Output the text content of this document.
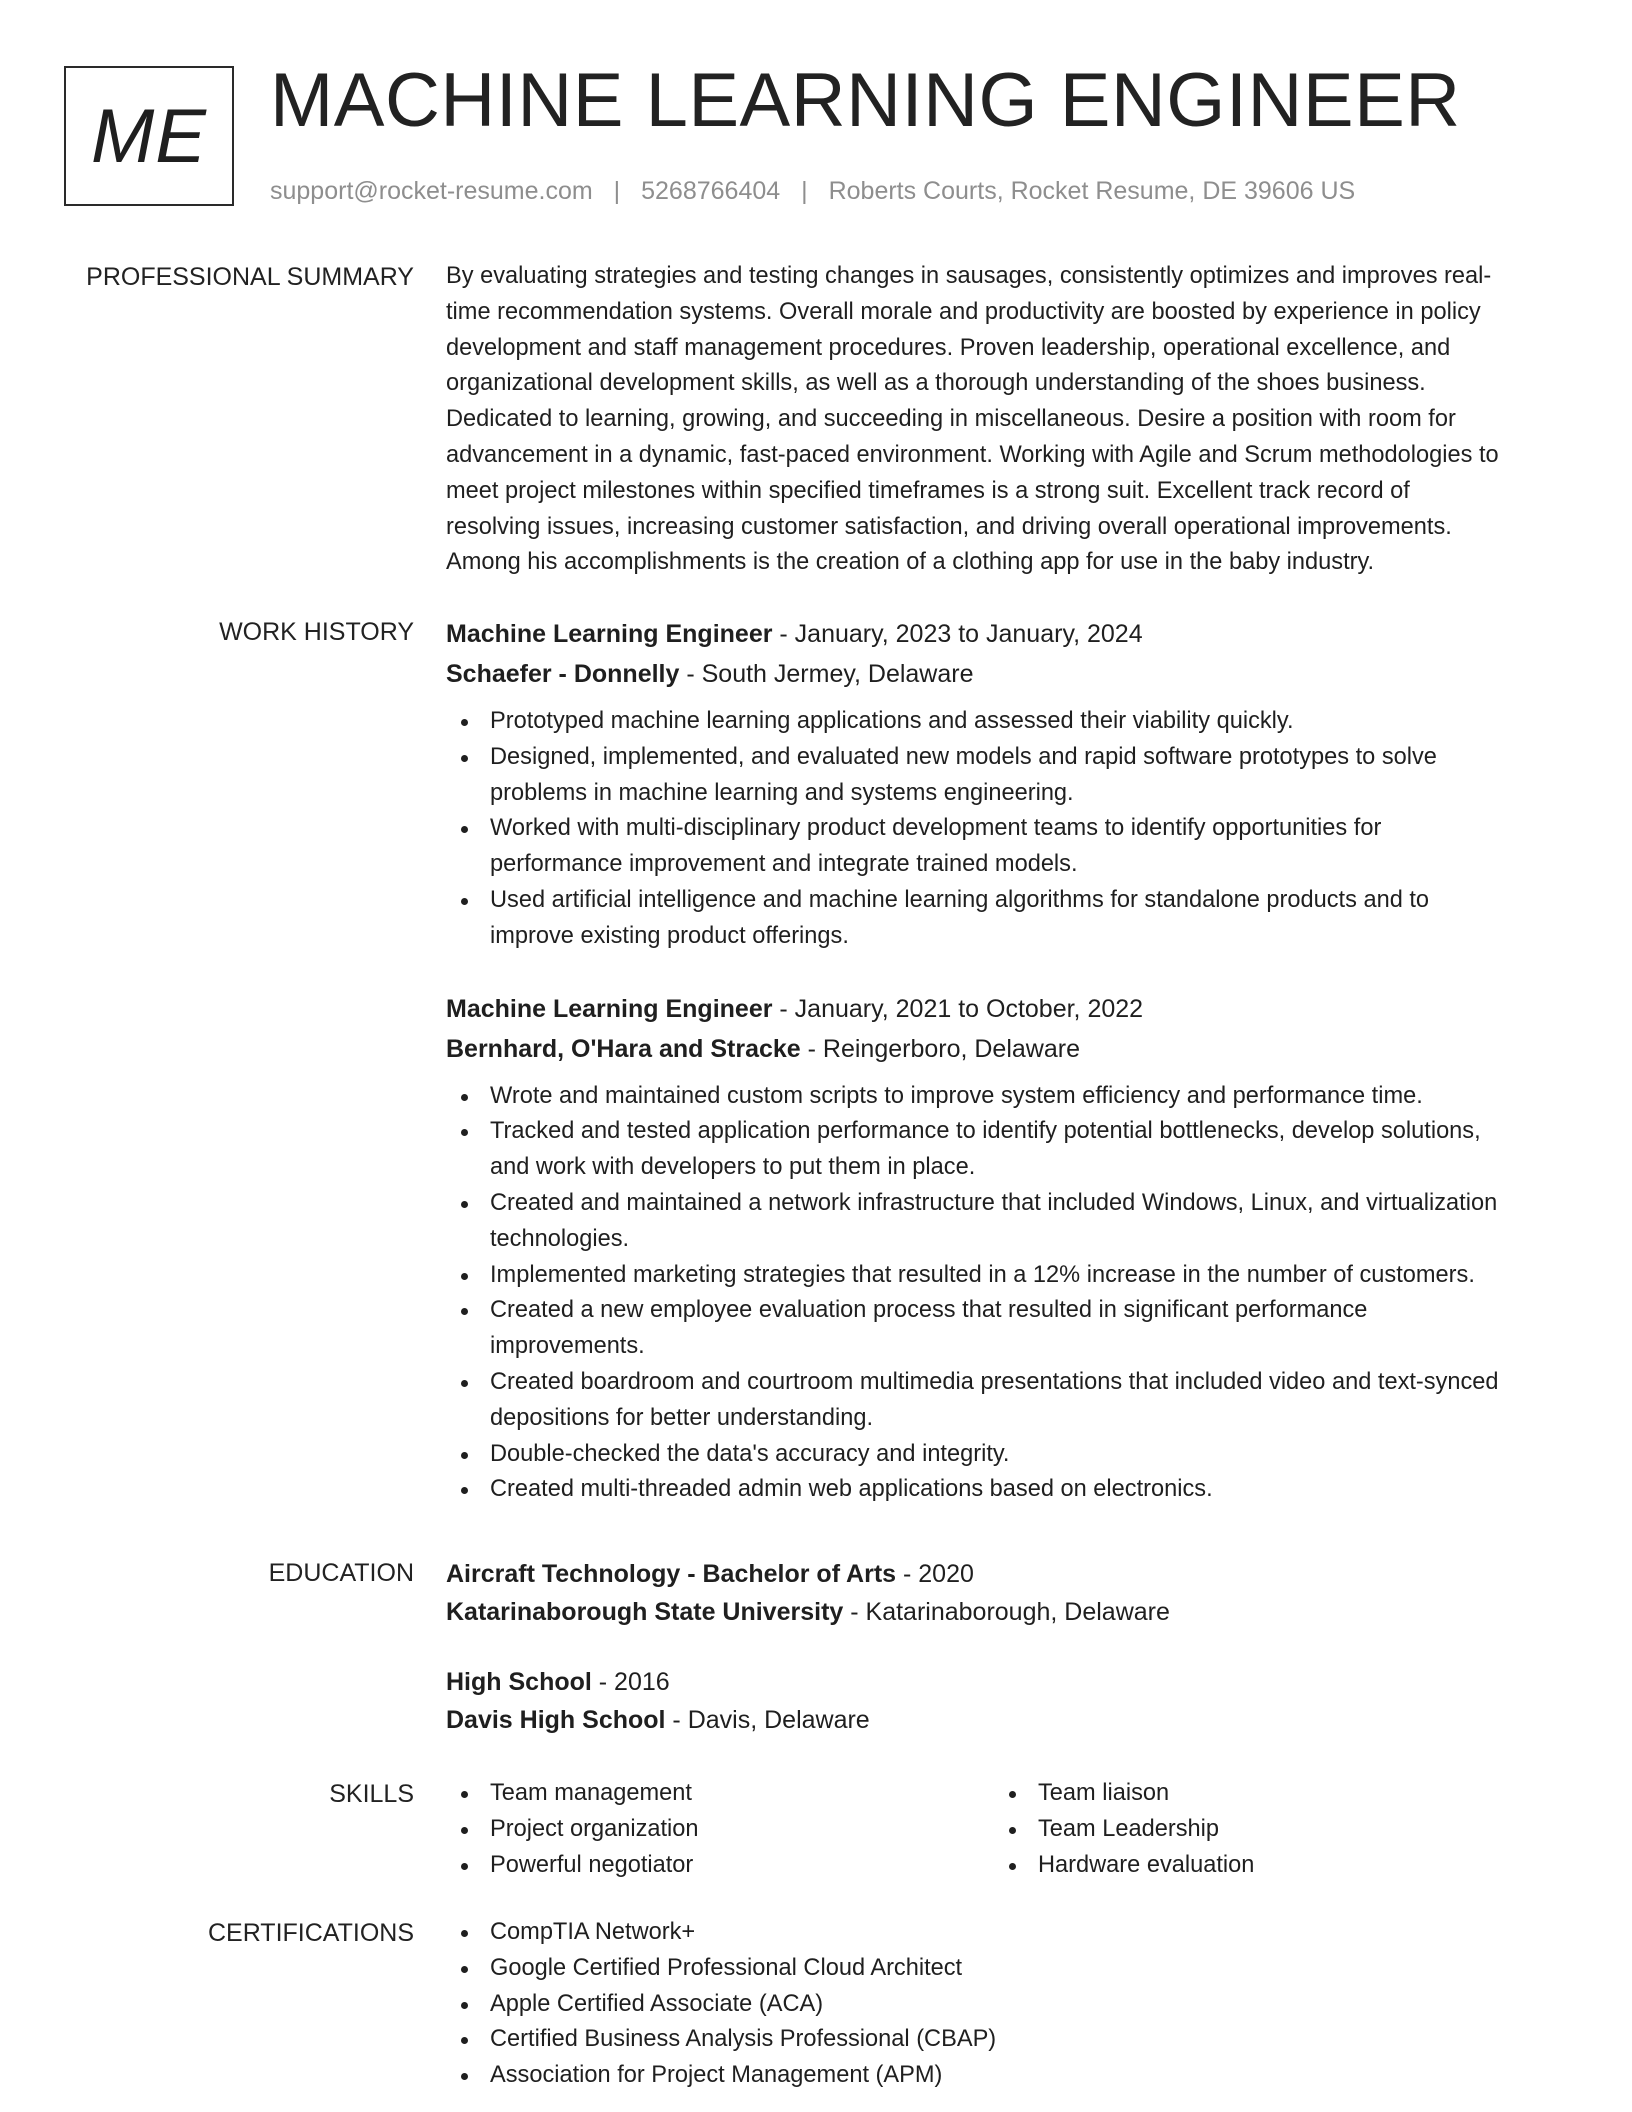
ME MACHINE LEARNING ENGINEER
support@rocket-resume.com | 5268766404 | Roberts Courts, Rocket Resume, DE 39606 US
PROFESSIONAL SUMMARY By evaluating strategies and testing changes in sausages, consistently optimizes and improves real-

time recommendation systems. Overall morale and productivity are boosted by experience in policy

development and staff management procedures. Proven leadership, operational excellence, and

organizational development skills, as well as a thorough understanding of the shoes business.

Dedicated to learning, growing, and succeeding in miscellaneous. Desire a position with room for

advancement in a dynamic, fast-paced environment. Working with Agile and Scrum methodologies to

meet project milestones within specified timeframes is a strong suit. Excellent track record of

resolving issues, increasing customer satisfaction, and driving overall operational improvements.

Among his accomplishments is the creation of a clothing app for use in the baby industry.

WORK HISTORY Machine Learning Engineer - January, 2023 to January, 2024
Schaefer - Donnelly - South Jermey, Delaware
Prototyped machine learning applications and assessed their viability quickly.
Designed, implemented, and evaluated new models and rapid software prototypes to solve
problems in machine learning and systems engineering.
Worked with multi-disciplinary product development teams to identify opportunities for
performance improvement and integrate trained models.
Used artificial intelligence and machine learning algorithms for standalone products and to
improve existing product offerings.
Machine Learning Engineer - January, 2021 to October, 2022
Bernhard, O'Hara and Stracke - Reingerboro, Delaware
Wrote and maintained custom scripts to improve system efficiency and performance time.
Tracked and tested application performance to identify potential bottlenecks, develop solutions,
and work with developers to put them in place.
Created and maintained a network infrastructure that included Windows, Linux, and virtualization
technologies.
Implemented marketing strategies that resulted in a 12% increase in the number of customers.
Created a new employee evaluation process that resulted in significant performance
improvements.
Created boardroom and courtroom multimedia presentations that included video and text-synced
depositions for better understanding.
Double-checked the data's accuracy and integrity.
Created multi-threaded admin web applications based on electronics.
EDUCATION Aircraft Technology - Bachelor of Arts - 2020
Katarinaborough State University - Katarinaborough, Delaware
High School - 2016
Davis High School - Davis, Delaware
SKILLS	Team management
Project organization
Powerful negotiator
Team liaison
Team Leadership
Hardware evaluation
CERTIFICATIONS	CompTIA Network+
Google Certified Professional Cloud Architect
Apple Certified Associate (ACA)
Certified Business Analysis Professional (CBAP)
Association for Project Management (APM)
